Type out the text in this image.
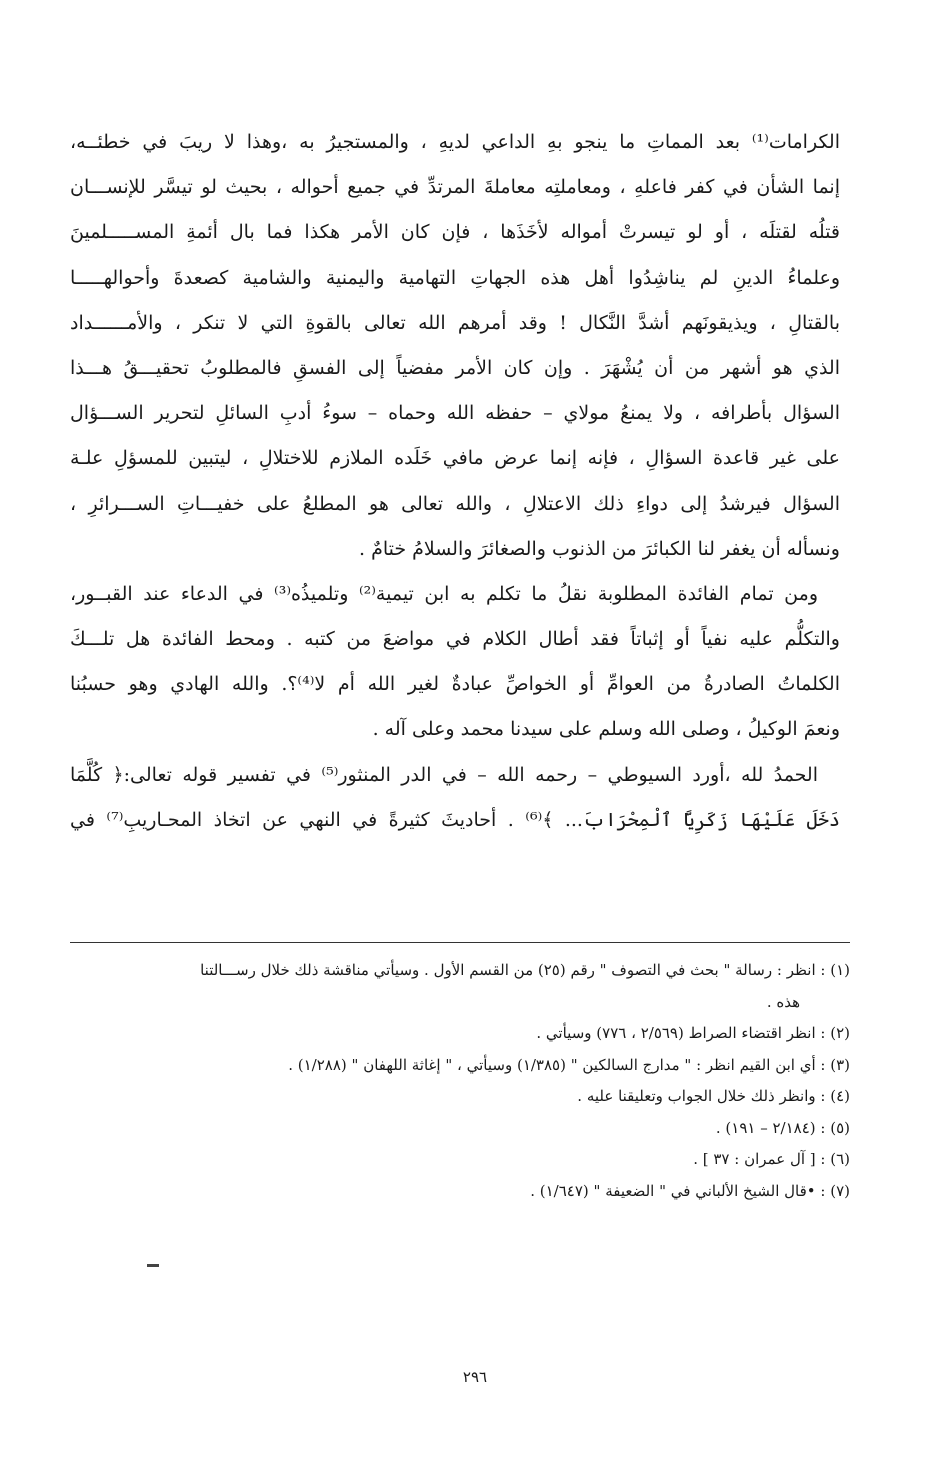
الكرامات⁽¹⁾ بعد المماتِ ما ينجو بهِ الداعي لديهِ ، والمستجيرُ به ،وهذا لا ريبَ في خطئــه،
إنما الشأن في كفر فاعلهِ ، ومعاملتِه معاملةَ المرتدِّ في جميع أحواله ، بحيث لو تيسَّر للإنســـان
قتلُه لقتلَه ، أو لو تيسرتْ أمواله لأخَذَها ، فإن كان الأمر هكذا فما بال أئمةِ المســـــلمينَ
وعلماءُ الدينِ لم يناشِدُوا أهل هذه الجهاتِ التهامية واليمنية والشامية كصعدةَ وأحوالهـــــا
بالقتالِ ، ويذيقونَهم أشدَّ النَّكال ! وقد أمرهم الله تعالى بالقوةِ التي لا تنكر ، والأمــــــداد
الذي هو أشهر من أن يُشْهَرَ . وإن كان الأمر مفضياً إلى الفسقِ فالمطلوبُ تحقيـــقُ هـــذا
السؤال بأطرافه ، ولا يمنعُ مولاي – حفظه الله وحماه – سوءُ أدبِ السائلِ لتحرير الســـؤال
على غير قاعدة السؤالِ ، فإنه إنما عرض مافي خَلَده الملازم للاختلالِ ، ليتبين للمسؤلِ علـة
السؤال فيرشدُ إلى دواءِ ذلك الاعتلالِ ، والله تعالى هو المطلعُ على خفيـــاتِ الســـرائرِ ،
ونسأله أن يغفر لنا الكبائرَ من الذنوب والصغائرَ والسلامُ ختامٌ .
ومن تمام الفائدة المطلوبة نقلُ ما تكلم به ابن تيمية⁽²⁾ وتلميذُه⁽³⁾ في الدعاء عند القبــور،
والتكلُّم عليه نفياً أو إثباتاً فقد أطال الكلام في مواضعَ من كتبه . ومحط الفائدة هل تلـــكَ
الكلماتُ الصادرةُ من العوامِّ أو الخواصِّ عبادةٌ لغير الله أم لا⁽⁴⁾؟. والله الهادي وهو حسبُنا
ونعمَ الوكيلُ ، وصلى الله وسلم على سيدنا محمد وعلى آله .
الحمدُ لله ،أورد السيوطي – رحمه الله – في الدر المنثور⁽⁵⁾ في تفسير قوله تعالى:﴿ كُلَّمَا
دَخَلَ عَلَيْهَا زَكَرِيَّا ٱلْمِحْرَابَ... ﴾⁽⁶⁾ . أحاديثَ كثيرةً في النهي عن اتخاذ المحـاريبِ⁽⁷⁾ في
(١) : انظر : رسالة " بحث في التصوف " رقم (٢٥) من القسم الأول . وسيأتي مناقشة ذلك خلال رســـالتنا
هذه .
(٢) : انظر اقتضاء الصراط (٢/٥٦٩ ، ٧٧٦) وسيأتي .
(٣) : أي ابن القيم انظر : " مدارج السالكين " (١/٣٨٥) وسيأتي ، " إغاثة اللهفان " (١/٢٨٨) .
(٤) : وانظر ذلك خلال الجواب وتعليقنا عليه .
(٥) : (٢/١٨٤ – ١٩١) .
(٦) : [ آل عمران : ٣٧ ] .
(٧) : •قال الشيخ الألباني في " الضعيفة " (١/٦٤٧) .
٢٩٦
